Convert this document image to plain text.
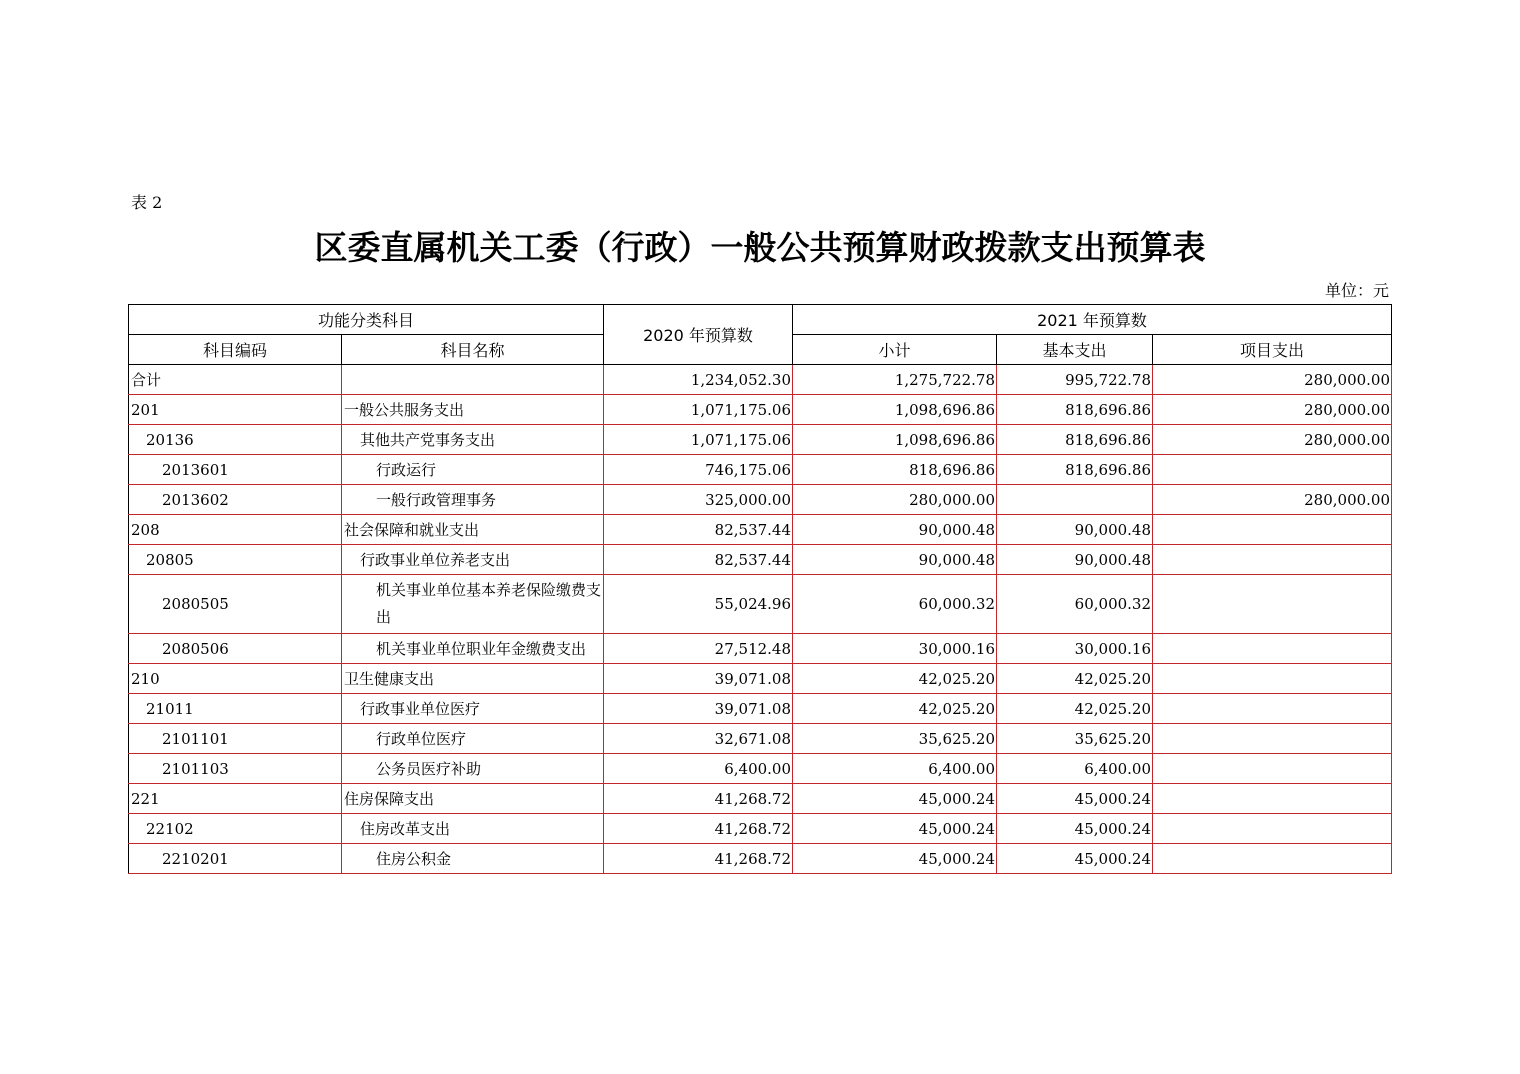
表 2
区委直属机关工委（行政）一般公共预算财政拨款支出预算表
单位：元
功能分类科目		2020 年预算数	2021 年预算数		
科目编码	科目名称		小计	基本支出	项目支出
合计		1,234,052.30	1,275,722.78	995,722.78	280,000.00
201	一般公共服务支出	1,071,175.06	1,098,696.86	818,696.86	280,000.00
20136	其他共产党事务支出	1,071,175.06	1,098,696.86	818,696.86	280,000.00
2013601	行政运行	746,175.06	818,696.86	818,696.86	
2013602	一般行政管理事务	325,000.00	280,000.00		280,000.00
208	社会保障和就业支出	82,537.44	90,000.48	90,000.48	
20805	行政事业单位养老支出	82,537.44	90,000.48	90,000.48	
2080505	机关事业单位基本养老保险缴费支出	55,024.96	60,000.32	60,000.32	
2080506	机关事业单位职业年金缴费支出	27,512.48	30,000.16	30,000.16	
210	卫生健康支出	39,071.08	42,025.20	42,025.20	
21011	行政事业单位医疗	39,071.08	42,025.20	42,025.20	
2101101	行政单位医疗	32,671.08	35,625.20	35,625.20	
2101103	公务员医疗补助	6,400.00	6,400.00	6,400.00	
221	住房保障支出	41,268.72	45,000.24	45,000.24	
22102	住房改革支出	41,268.72	45,000.24	45,000.24	
2210201	住房公积金	41,268.72	45,000.24	45,000.24	
